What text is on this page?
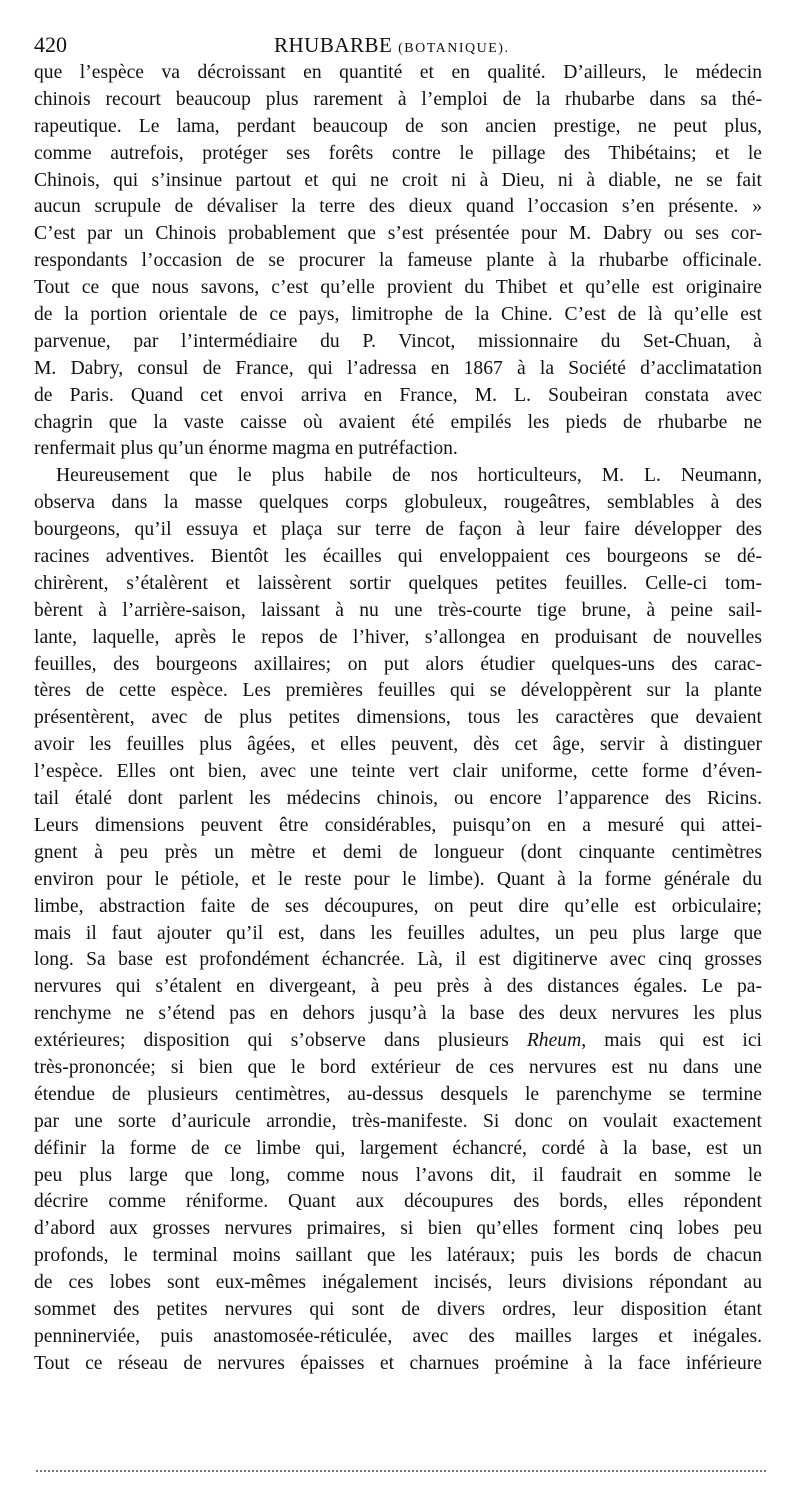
420	RHUBARBE (BOTANIQUE).
que l’espèce va décroissant en quantité et en qualité. D’ailleurs, le médecin
chinois recourt beaucoup plus rarement à l’emploi de la rhubarbe dans sa thé-
rapeutique. Le lama, perdant beaucoup de son ancien prestige, ne peut plus,
comme autrefois, protéger ses forêts contre le pillage des Thibétains; et le
Chinois, qui s’insinue partout et qui ne croit ni à Dieu, ni à diable, ne se fait
aucun scrupule de dévaliser la terre des dieux quand l’occasion s’en présente. »
C’est par un Chinois probablement que s’est présentée pour M. Dabry ou ses cor-
respondants l’occasion de se procurer la fameuse plante à la rhubarbe officinale.
Tout ce que nous savons, c’est qu’elle provient du Thibet et qu’elle est originaire
de la portion orientale de ce pays, limitrophe de la Chine. C’est de là qu’elle est
parvenue, par l’intermédiaire du P. Vincot, missionnaire du Set-Chuan, à
M. Dabry, consul de France, qui l’adressa en 1867 à la Société d’acclimatation
de Paris. Quand cet envoi arriva en France, M. L. Soubeiran constata avec
chagrin que la vaste caisse où avaient été empilés les pieds de rhubarbe ne
renfermait plus qu’un énorme magma en putréfaction.
Heureusement que le plus habile de nos horticulteurs, M. L. Neumann,
observa dans la masse quelques corps globuleux, rougeâtres, semblables à des
bourgeons, qu’il essuya et plaça sur terre de façon à leur faire développer des
racines adventives. Bientôt les écailles qui enveloppaient ces bourgeons se dé-
chirèrent, s’étalèrent et laissèrent sortir quelques petites feuilles. Celle-ci tom-
bèrent à l’arrière-saison, laissant à nu une très-courte tige brune, à peine sail-
lante, laquelle, après le repos de l’hiver, s’allongea en produisant de nouvelles
feuilles, des bourgeons axillaires; on put alors étudier quelques-uns des carac-
tères de cette espèce. Les premières feuilles qui se développèrent sur la plante
présentèrent, avec de plus petites dimensions, tous les caractères que devaient
avoir les feuilles plus âgées, et elles peuvent, dès cet âge, servir à distinguer
l’espèce. Elles ont bien, avec une teinte vert clair uniforme, cette forme d’éven-
tail étalé dont parlent les médecins chinois, ou encore l’apparence des Ricins.
Leurs dimensions peuvent être considérables, puisqu’on en a mesuré qui attei-
gnent à peu près un mètre et demi de longueur (dont cinquante centimètres
environ pour le pétiole, et le reste pour le limbe). Quant à la forme générale du
limbe, abstraction faite de ses découpures, on peut dire qu’elle est orbiculaire;
mais il faut ajouter qu’il est, dans les feuilles adultes, un peu plus large que
long. Sa base est profondément échancrée. Là, il est digitinerve avec cinq grosses
nervures qui s’étalent en divergeant, à peu près à des distances égales. Le pa-
renchyme ne s’étend pas en dehors jusqu’à la base des deux nervures les plus
extérieures; disposition qui s’observe dans plusieurs Rheum, mais qui est ici
très-prononcée; si bien que le bord extérieur de ces nervures est nu dans une
étendue de plusieurs centimètres, au-dessus desquels le parenchyme se termine
par une sorte d’auricule arrondie, très-manifeste. Si donc on voulait exactement
définir la forme de ce limbe qui, largement échancré, cordé à la base, est un
peu plus large que long, comme nous l’avons dit, il faudrait en somme le
décrire comme réniforme. Quant aux découpures des bords, elles répondent
d’abord aux grosses nervures primaires, si bien qu’elles forment cinq lobes peu
profonds, le terminal moins saillant que les latéraux; puis les bords de chacun
de ces lobes sont eux-mêmes inégalement incisés, leurs divisions répondant au
sommet des petites nervures qui sont de divers ordres, leur disposition étant
penninerviée, puis anastomosée-réticulée, avec des mailles larges et inégales.
Tout ce réseau de nervures épaisses et charnues proémine à la face inférieure
